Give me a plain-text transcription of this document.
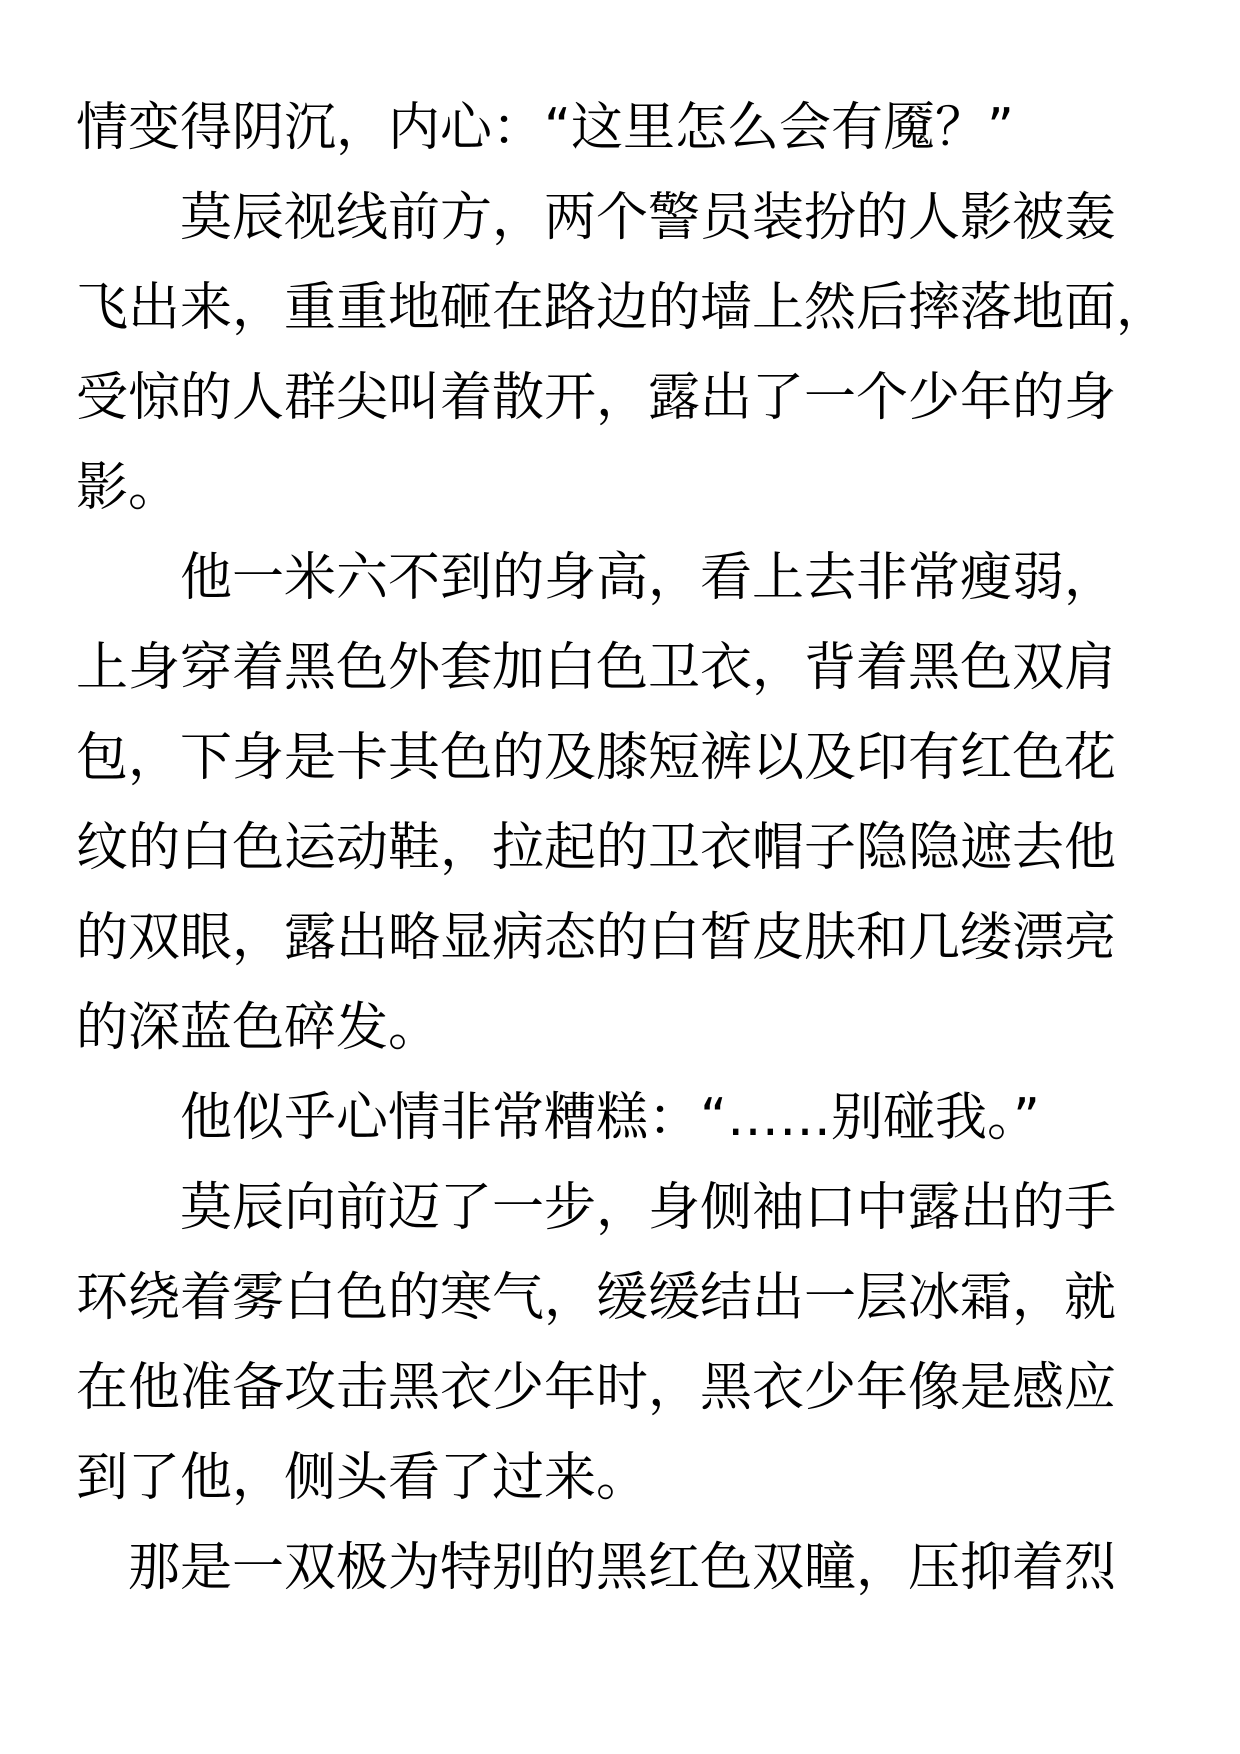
情变得阴沉，内心：“这里怎么会有魇？”
莫辰视线前方，两个警员装扮的人影被轰
飞出来，重重地砸在路边的墙上然后摔落地面，
受惊的人群尖叫着散开，露出了一个少年的身
影。
他一米六不到的身高，看上去非常瘦弱，
上身穿着黑色外套加白色卫衣，背着黑色双肩
包，下身是卡其色的及膝短裤以及印有红色花
纹的白色运动鞋，拉起的卫衣帽子隐隐遮去他
的双眼，露出略显病态的白皙皮肤和几缕漂亮
的深蓝色碎发。
他似乎心情非常糟糕：“……别碰我。”
莫辰向前迈了一步，身侧袖口中露出的手
环绕着雾白色的寒气，缓缓结出一层冰霜，就
在他准备攻击黑衣少年时，黑衣少年像是感应
到了他，侧头看了过来。
那是一双极为特别的黑红色双瞳，压抑着烈
